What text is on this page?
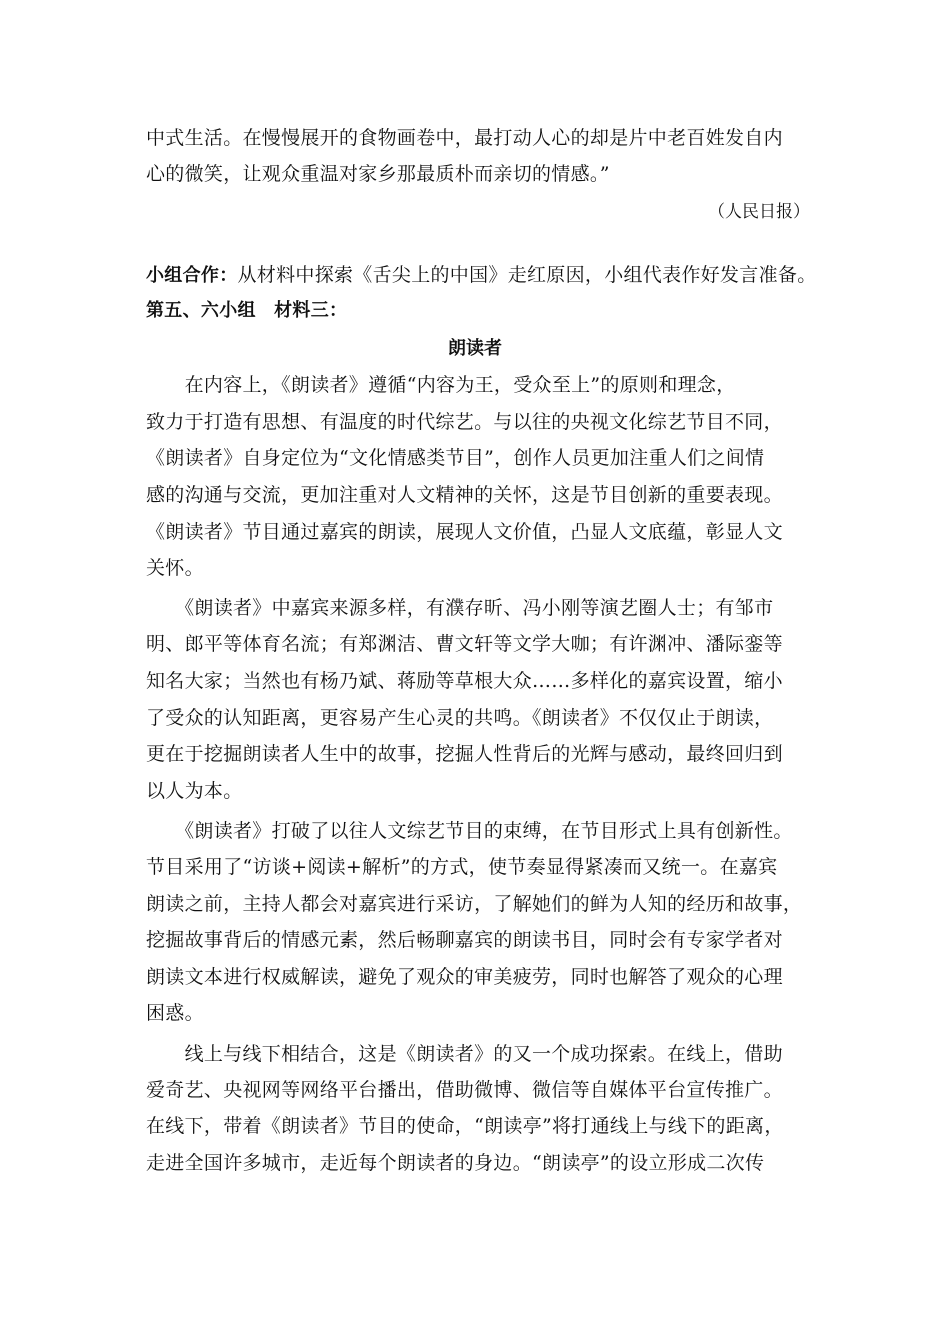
中式生活。在慢慢展开的食物画卷中，最打动人心的却是片中老百姓发自内
心的微笑，让观众重温对家乡那最质朴而亲切的情感。”
（人民日报）
小组合作：从材料中探索《舌尖上的中国》走红原因，小组代表作好发言准备。
第五、六小组　材料三：
朗读者
　　在内容上，《朗读者》遵循“内容为王，受众至上”的原则和理念，
致力于打造有思想、有温度的时代综艺。与以往的央视文化综艺节目不同，
《朗读者》自身定位为“文化情感类节目”，创作人员更加注重人们之间情
感的沟通与交流，更加注重对人文精神的关怀，这是节目创新的重要表现。
《朗读者》节目通过嘉宾的朗读，展现人文价值，凸显人文底蕴，彰显人文
关怀。
　　《朗读者》中嘉宾来源多样，有濮存昕、冯小刚等演艺圈人士；有邹市
明、郎平等体育名流；有郑渊洁、曹文轩等文学大咖；有许渊冲、潘际銮等
知名大家；当然也有杨乃斌、蒋励等草根大众……多样化的嘉宾设置，缩小
了受众的认知距离，更容易产生心灵的共鸣。《朗读者》不仅仅止于朗读，
更在于挖掘朗读者人生中的故事，挖掘人性背后的光辉与感动，最终回归到
以人为本。
　　《朗读者》打破了以往人文综艺节目的束缚，在节目形式上具有创新性。
节目采用了“访谈+阅读+解析”的方式，使节奏显得紧凑而又统一。在嘉宾
朗读之前，主持人都会对嘉宾进行采访，了解她们的鲜为人知的经历和故事，
挖掘故事背后的情感元素，然后畅聊嘉宾的朗读书目，同时会有专家学者对
朗读文本进行权威解读，避免了观众的审美疲劳，同时也解答了观众的心理
困惑。
　　线上与线下相结合，这是《朗读者》的又一个成功探索。在线上，借助
爱奇艺、央视网等网络平台播出，借助微博、微信等自媒体平台宣传推广。
在线下，带着《朗读者》节目的使命，“朗读亭”将打通线上与线下的距离，
走进全国许多城市，走近每个朗读者的身边。“朗读亭”的设立形成二次传
